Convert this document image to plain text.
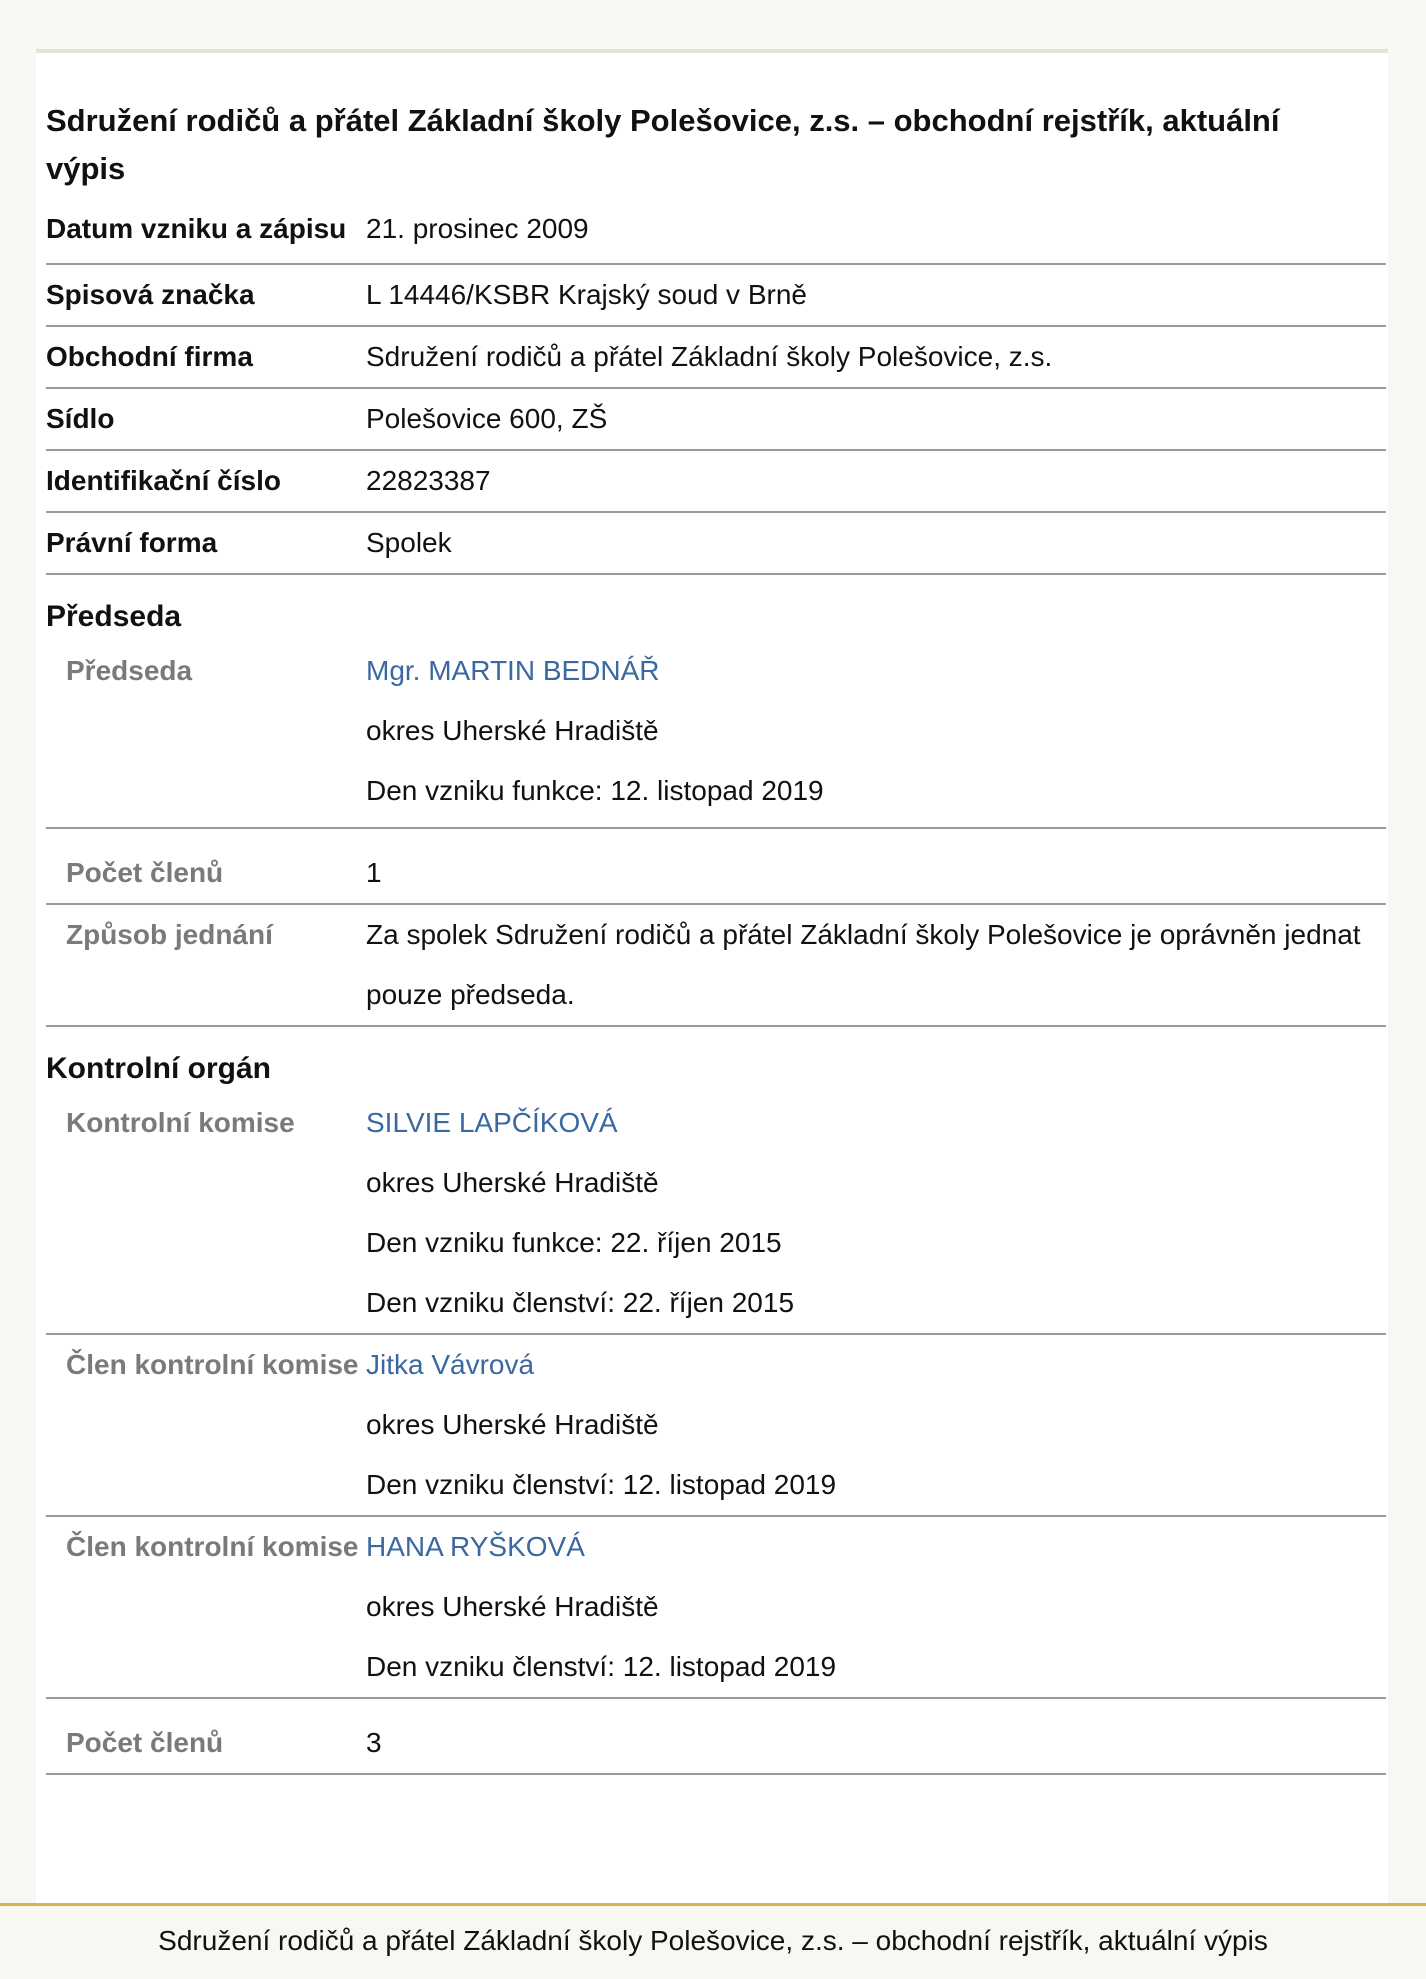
Sdružení rodičů a přátel Základní školy Polešovice, z.s. – obchodní rejstřík, aktuální výpis
Datum vzniku a zápisu	21. prosinec 2009
Spisová značka	L 14446/KSBR Krajský soud v Brně
Obchodní firma	Sdružení rodičů a přátel Základní školy Polešovice, z.s.
Sídlo	Polešovice 600, ZŠ
Identifikační číslo	22823387
Právní forma	Spolek
Předseda
Předseda	Mgr. MARTIN BEDNÁŘ
okres Uherské Hradiště
Den vzniku funkce: 12. listopad 2019

Počet členů	1
Způsob jednání	Za spolek Sdružení rodičů a přátel Základní školy Polešovice je oprávněn jednat pouze předseda.
Kontrolní orgán
Kontrolní komise	SILVIE LAPČÍKOVÁ
okres Uherské Hradiště
Den vzniku funkce: 22. říjen 2015
Den vzniku členství: 22. říjen 2015

Člen kontrolní komise	Jitka Vávrová
okres Uherské Hradiště
Den vzniku členství: 12. listopad 2019

Člen kontrolní komise	HANA RYŠKOVÁ
okres Uherské Hradiště
Den vzniku členství: 12. listopad 2019

Počet členů	3
Sdružení rodičů a přátel Základní školy Polešovice, z.s. – obchodní rejstřík, aktuální výpis
